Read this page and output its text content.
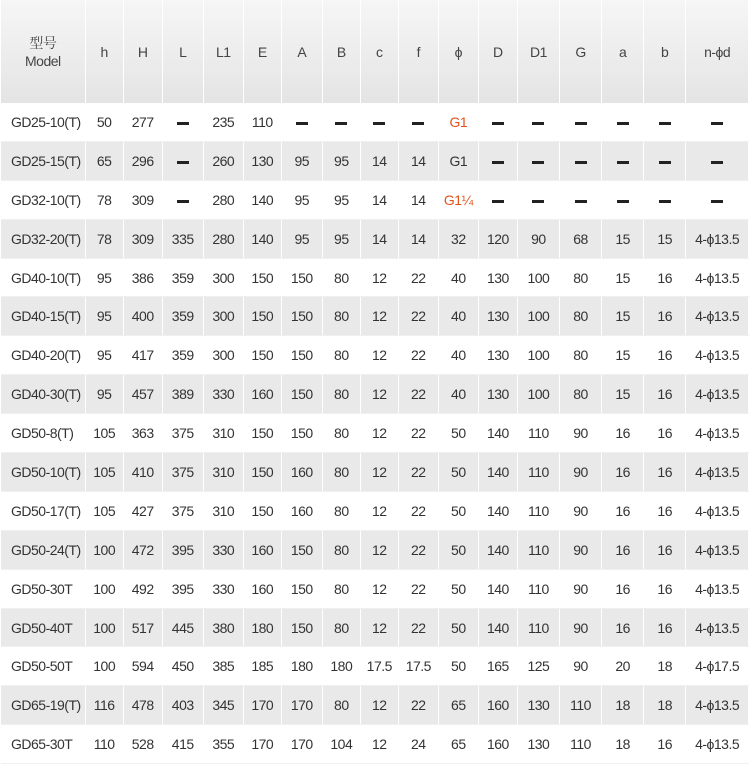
型号
Model	h	H	L	L1	E	A	B	c	f	ϕ	D	D1	G	a	b	n-ϕd
GD25-10(T)	50	277		235	110					G1						
GD25-15(T)	65	296		260	130	95	95	14	14	G1						
GD32-10(T)	78	309		280	140	95	95	14	14	G1¼						
GD32-20(T)	78	309	335	280	140	95	95	14	14	32	120	90	68	15	15	4-ϕ13.5
GD40-10(T)	95	386	359	300	150	150	80	12	22	40	130	100	80	15	16	4-ϕ13.5
GD40-15(T)	95	400	359	300	150	150	80	12	22	40	130	100	80	15	16	4-ϕ13.5
GD40-20(T)	95	417	359	300	150	150	80	12	22	40	130	100	80	15	16	4-ϕ13.5
GD40-30(T)	95	457	389	330	160	150	80	12	22	40	130	100	80	15	16	4-ϕ13.5
GD50-8(T)	105	363	375	310	150	150	80	12	22	50	140	110	90	16	16	4-ϕ13.5
GD50-10(T)	105	410	375	310	150	160	80	12	22	50	140	110	90	16	16	4-ϕ13.5
GD50-17(T)	105	427	375	310	150	160	80	12	22	50	140	110	90	16	16	4-ϕ13.5
GD50-24(T)	100	472	395	330	160	150	80	12	22	50	140	110	90	16	16	4-ϕ13.5
GD50-30T	100	492	395	330	160	150	80	12	22	50	140	110	90	16	16	4-ϕ13.5
GD50-40T	100	517	445	380	180	150	80	12	22	50	140	110	90	16	16	4-ϕ13.5
GD50-50T	100	594	450	385	185	180	180	17.5	17.5	50	165	125	90	20	18	4-ϕ17.5
GD65-19(T)	116	478	403	345	170	170	80	12	22	65	160	130	110	18	18	4-ϕ13.5
GD65-30T	110	528	415	355	170	170	104	12	24	65	160	130	110	18	16	4-ϕ13.5
